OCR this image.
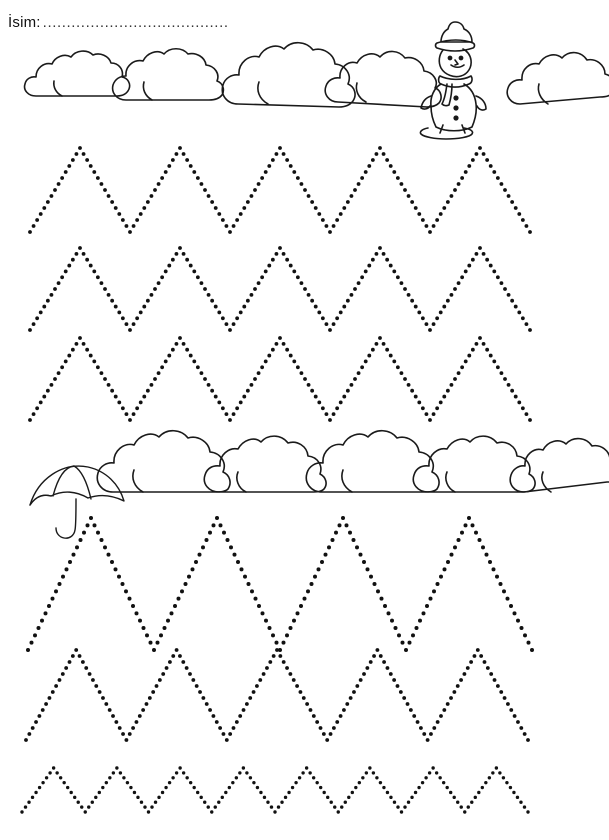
İsim: .......................................
